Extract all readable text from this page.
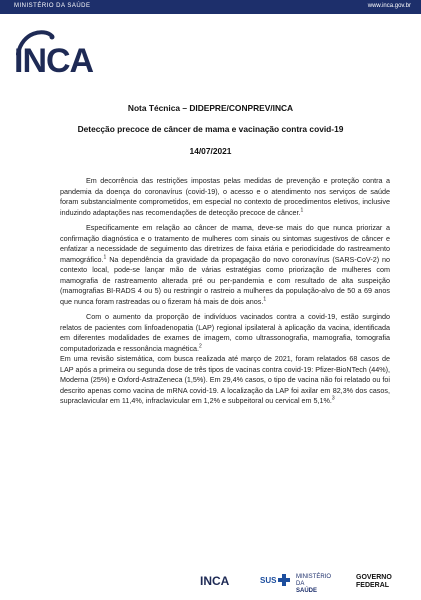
MINISTÉRIO DA SAÚDE	www.inca.gov.br
INCA
Nota Técnica – DIDEPRE/CONPREV/INCA
Detecção precoce de câncer de mama e vacinação contra covid-19
14/07/2021

Em decorrência das restrições impostas pelas medidas de prevenção e proteção contra a pandemia da doença do coronavírus (covid-19), o acesso e o atendimento nos serviços de saúde foram substancialmente comprometidos, em especial no contexto de procedimentos eletivos, inclusive induzindo adaptações nas recomendações de detecção precoce de câncer.$^1$

Especificamente em relação ao câncer de mama, deve-se mais do que nunca priorizar a confirmação diagnóstica e o tratamento de mulheres com sinais ou sintomas sugestivos de câncer e enfatizar a necessidade de seguimento das diretrizes de faixa etária e periodicidade do rastreamento mamográfico.$^1$ Na dependência da gravidade da propagação do novo coronavírus (SARS-CoV-2) no contexto local, pode-se lançar mão de várias estratégias como priorização de mulheres com mamografia de rastreamento alterada pré ou per-pandemia e com resultado de alta suspeição (mamografias BI-RADS 4 ou 5) ou restringir o rastreio a mulheres da população-alvo de 50 a 69 anos que nunca foram rastreadas ou o fizeram há mais de dois anos.$^1$

Com o aumento da proporção de indivíduos vacinados contra a covid-19, estão surgindo relatos de pacientes com linfoadenopatia (LAP) regional ipsilateral à aplicação da vacina, identificada em diferentes modalidades de exames de imagem, como ultrassonografia, mamografia, tomografia computadorizada e ressonância magnética.$^2$

Em uma revisão sistemática, com busca realizada até março de 2021, foram relatados 68 casos de LAP após a primeira ou segunda dose de três tipos de vacinas contra covid-19: Pfizer-BioNTech (44%), Moderna (25%) e Oxford-AstraZeneca (1,5%). Em 29,4% casos, o tipo de vacina não foi relatado ou foi descrito apenas como vacina de mRNA covid-19. A localização da LAP foi axilar em 82,3% dos casos, supraclavicular em 11,4%, infraclavicular em 1,2% e subpeitoral ou cervical em 5,1%.$^3$

INCA	SUS	MINISTÉRIO DA
SAÚDE
GOVERNO
FEDERAL
